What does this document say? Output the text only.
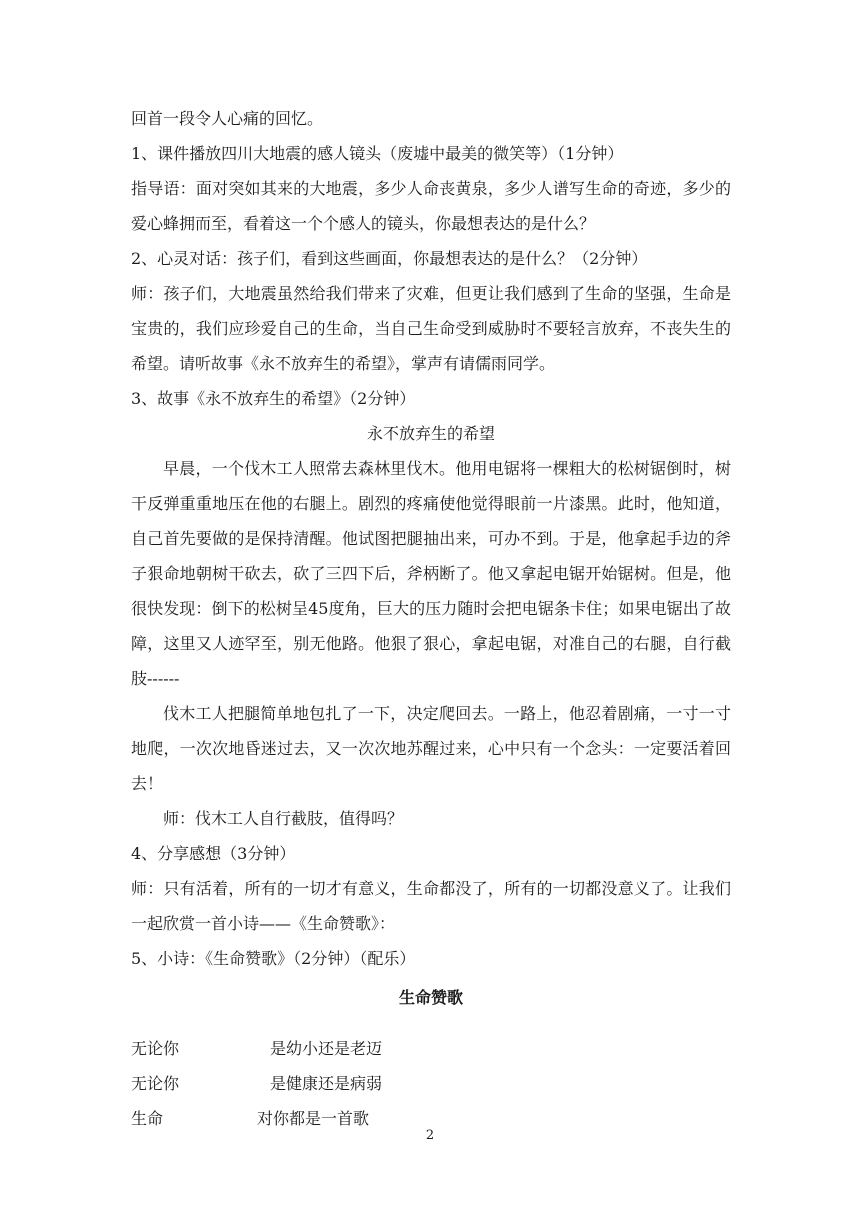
回首一段令人心痛的回忆。

1、课件播放四川大地震的感人镜头（废墟中最美的微笑等）（1分钟）

指导语：面对突如其来的大地震，多少人命丧黄泉，多少人谱写生命的奇迹，多少的爱心蜂拥而至，看着这一个个感人的镜头，你最想表达的是什么？

2、心灵对话：孩子们，看到这些画面，你最想表达的是什么？（2分钟）

师：孩子们，大地震虽然给我们带来了灾难，但更让我们感到了生命的坚强，生命是宝贵的，我们应珍爱自己的生命，当自己生命受到威胁时不要轻言放弃，不丧失生的希望。请听故事《永不放弃生的希望》，掌声有请儒雨同学。

3、故事《永不放弃生的希望》（2分钟）

永不放弃生的希望

早晨，一个伐木工人照常去森林里伐木。他用电锯将一棵粗大的松树锯倒时，树干反弹重重地压在他的右腿上。剧烈的疼痛使他觉得眼前一片漆黑。此时，他知道，自己首先要做的是保持清醒。他试图把腿抽出来，可办不到。于是，他拿起手边的斧子狠命地朝树干砍去，砍了三四下后，斧柄断了。他又拿起电锯开始锯树。但是，他很快发现：倒下的松树呈45度角，巨大的压力随时会把电锯条卡住；如果电锯出了故障，这里又人迹罕至，别无他路。他狠了狠心，拿起电锯，对准自己的右腿，自行截肢------

伐木工人把腿简单地包扎了一下，决定爬回去。一路上，他忍着剧痛，一寸一寸地爬，一次次地昏迷过去，又一次次地苏醒过来，心中只有一个念头：一定要活着回去！

师：伐木工人自行截肢，值得吗？

4、分享感想（3分钟）

师：只有活着，所有的一切才有意义，生命都没了，所有的一切都没意义了。让我们一起欣赏一首小诗——《生命赞歌》：

5、小诗：《生命赞歌》（2分钟）（配乐）

生命赞歌

无论你	是幼小还是老迈
无论你	是健康还是病弱
生命	对你都是一首歌
2
